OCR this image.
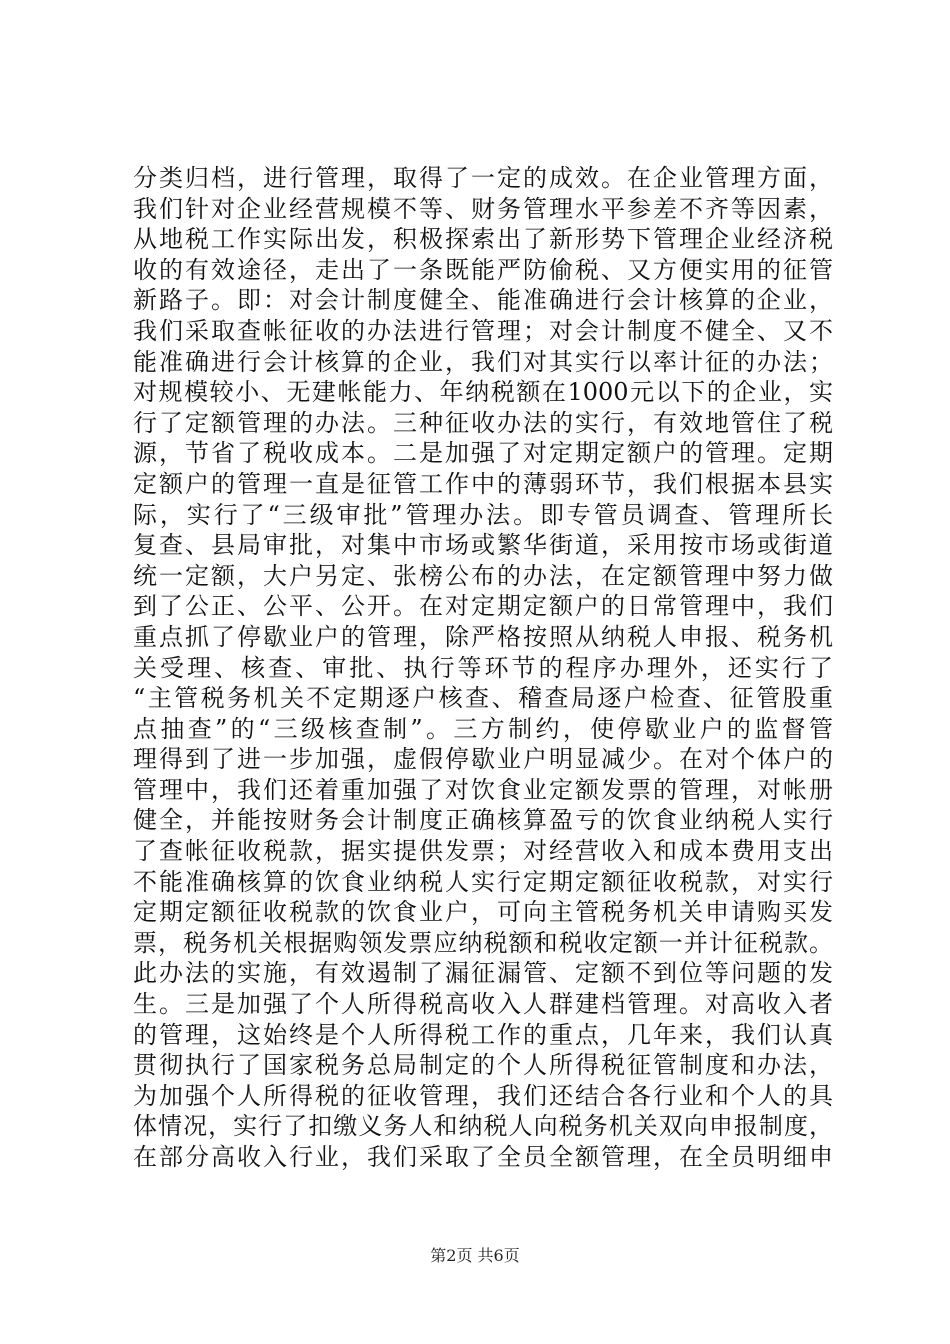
分类归档，进行管理，取得了一定的成效。在企业管理方面，
我们针对企业经营规模不等、财务管理水平参差不齐等因素，
从地税工作实际出发，积极探索出了新形势下管理企业经济税
收的有效途径，走出了一条既能严防偷税、又方便实用的征管
新路子。即：对会计制度健全、能准确进行会计核算的企业，
我们采取查帐征收的办法进行管理；对会计制度不健全、又不
能准确进行会计核算的企业，我们对其实行以率计征的办法；
对规模较小、无建帐能力、年纳税额在1000元以下的企业，实
行了定额管理的办法。三种征收办法的实行，有效地管住了税
源，节省了税收成本。二是加强了对定期定额户的管理。定期
定额户的管理一直是征管工作中的薄弱环节，我们根据本县实
际，实行了“三级审批”管理办法。即专管员调查、管理所长
复查、县局审批，对集中市场或繁华街道，采用按市场或街道
统一定额，大户另定、张榜公布的办法，在定额管理中努力做
到了公正、公平、公开。在对定期定额户的日常管理中，我们
重点抓了停歇业户的管理，除严格按照从纳税人申报、税务机
关受理、核查、审批、执行等环节的程序办理外，还实行了
“主管税务机关不定期逐户核查、稽查局逐户检查、征管股重
点抽查”的“三级核查制”。三方制约，使停歇业户的监督管
理得到了进一步加强，虚假停歇业户明显减少。在对个体户的
管理中，我们还着重加强了对饮食业定额发票的管理，对帐册
健全，并能按财务会计制度正确核算盈亏的饮食业纳税人实行
了查帐征收税款，据实提供发票；对经营收入和成本费用支出
不能准确核算的饮食业纳税人实行定期定额征收税款，对实行
定期定额征收税款的饮食业户，可向主管税务机关申请购买发
票，税务机关根据购领发票应纳税额和税收定额一并计征税款。
此办法的实施，有效遏制了漏征漏管、定额不到位等问题的发
生。三是加强了个人所得税高收入人群建档管理。对高收入者
的管理，这始终是个人所得税工作的重点，几年来，我们认真
贯彻执行了国家税务总局制定的个人所得税征管制度和办法，
为加强个人所得税的征收管理，我们还结合各行业和个人的具
体情况，实行了扣缴义务人和纳税人向税务机关双向申报制度，
在部分高收入行业，我们采取了全员全额管理，在全员明细申
第2页 共6页
